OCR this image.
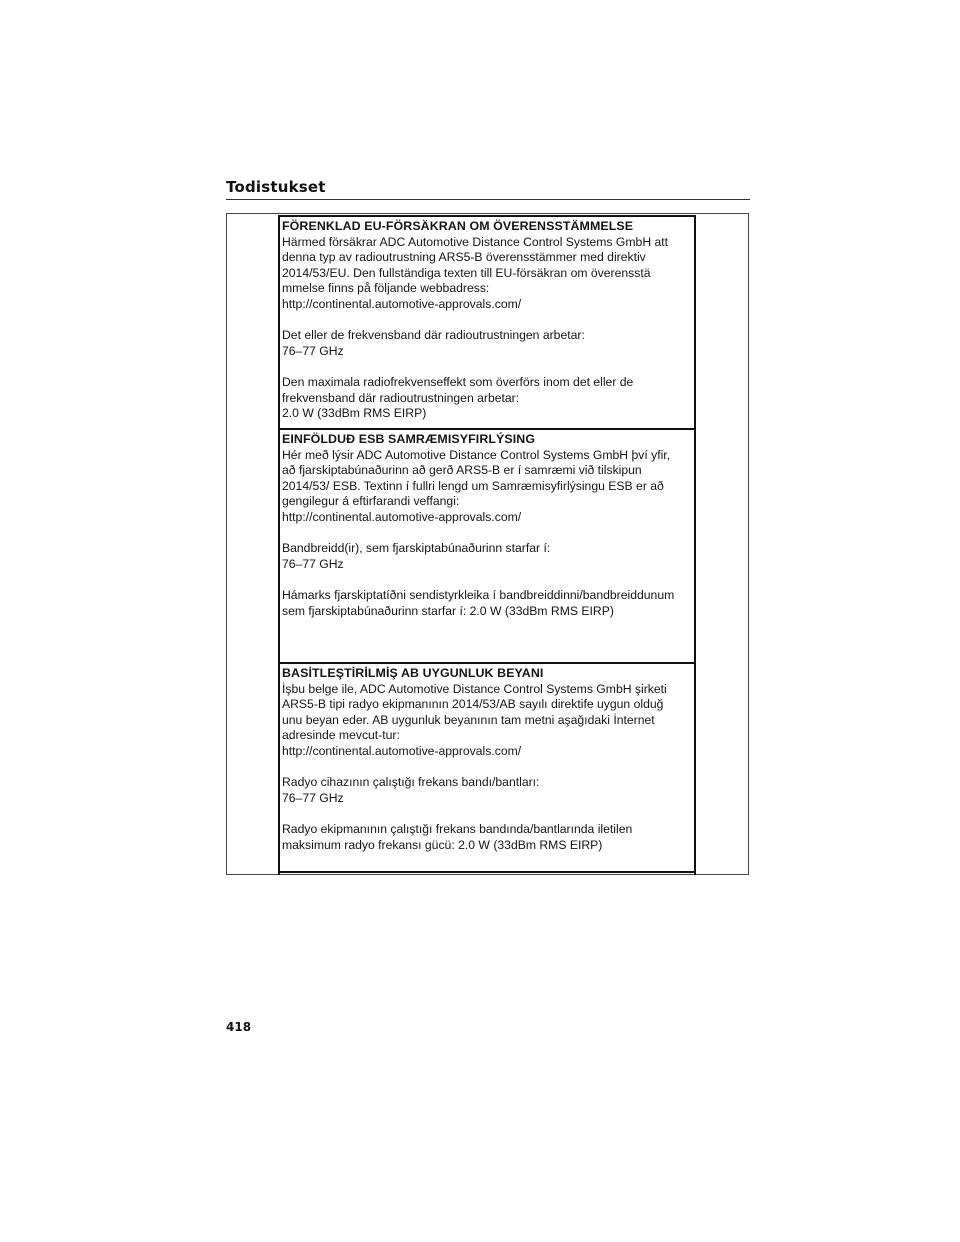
Todistukset
FÖRENKLAD EU-FÖRSÄKRAN OM ÖVERENSSTÄMMELSE

Härmed försäkrar ADC Automotive Distance Control Systems GmbH att

denna typ av radioutrustning ARS5-B överensstämmer med direktiv

2014/53/EU. Den fullständiga texten till EU-försäkran om överensstä

mmelse finns på följande webbadress:

http://continental.automotive-approvals.com/

Det eller de frekvensband där radioutrustningen arbetar:

76–77 GHz

Den maximala radiofrekvenseffekt som överförs inom det eller de

frekvensband där radioutrustningen arbetar:

2.0 W (33dBm RMS EIRP)

EINFÖLDUÐ ESB SAMRÆMISYFIRLÝSING

Hér með lýsir ADC Automotive Distance Control Systems GmbH því yfir,

að fjarskiptabúnaðurinn að gerð ARS5-B er í samræmi við tilskipun

2014/53/ ESB. Textinn í fullri lengd um Samræmisyfirlýsingu ESB er að

gengilegur á eftirfarandi veffangi:

http://continental.automotive-approvals.com/

Bandbreidd(ir), sem fjarskiptabúnaðurinn starfar í:

76–77 GHz

Hámarks fjarskiptatíðni sendistyrkleika í bandbreiddinni/bandbreiddunum

sem fjarskiptabúnaðurinn starfar í: 2.0 W (33dBm RMS EIRP)

BASİTLEŞTİRİLMİŞ AB UYGUNLUK BEYANI

İşbu belge ile, ADC Automotive Distance Control Systems GmbH şirketi

ARS5-B tipi radyo ekipmanının 2014/53/AB sayılı direktife uygun olduğ

unu beyan eder. AB uygunluk beyanının tam metni aşağıdaki İnternet

adresinde mevcut-tur:

http://continental.automotive-approvals.com/

Radyo cihazının çalıştığı frekans bandı/bantları:

76–77 GHz

Radyo ekipmanının çalıştığı frekans bandında/bantlarında iletilen

maksimum radyo frekansı gücü: 2.0 W (33dBm RMS EIRP)

418
